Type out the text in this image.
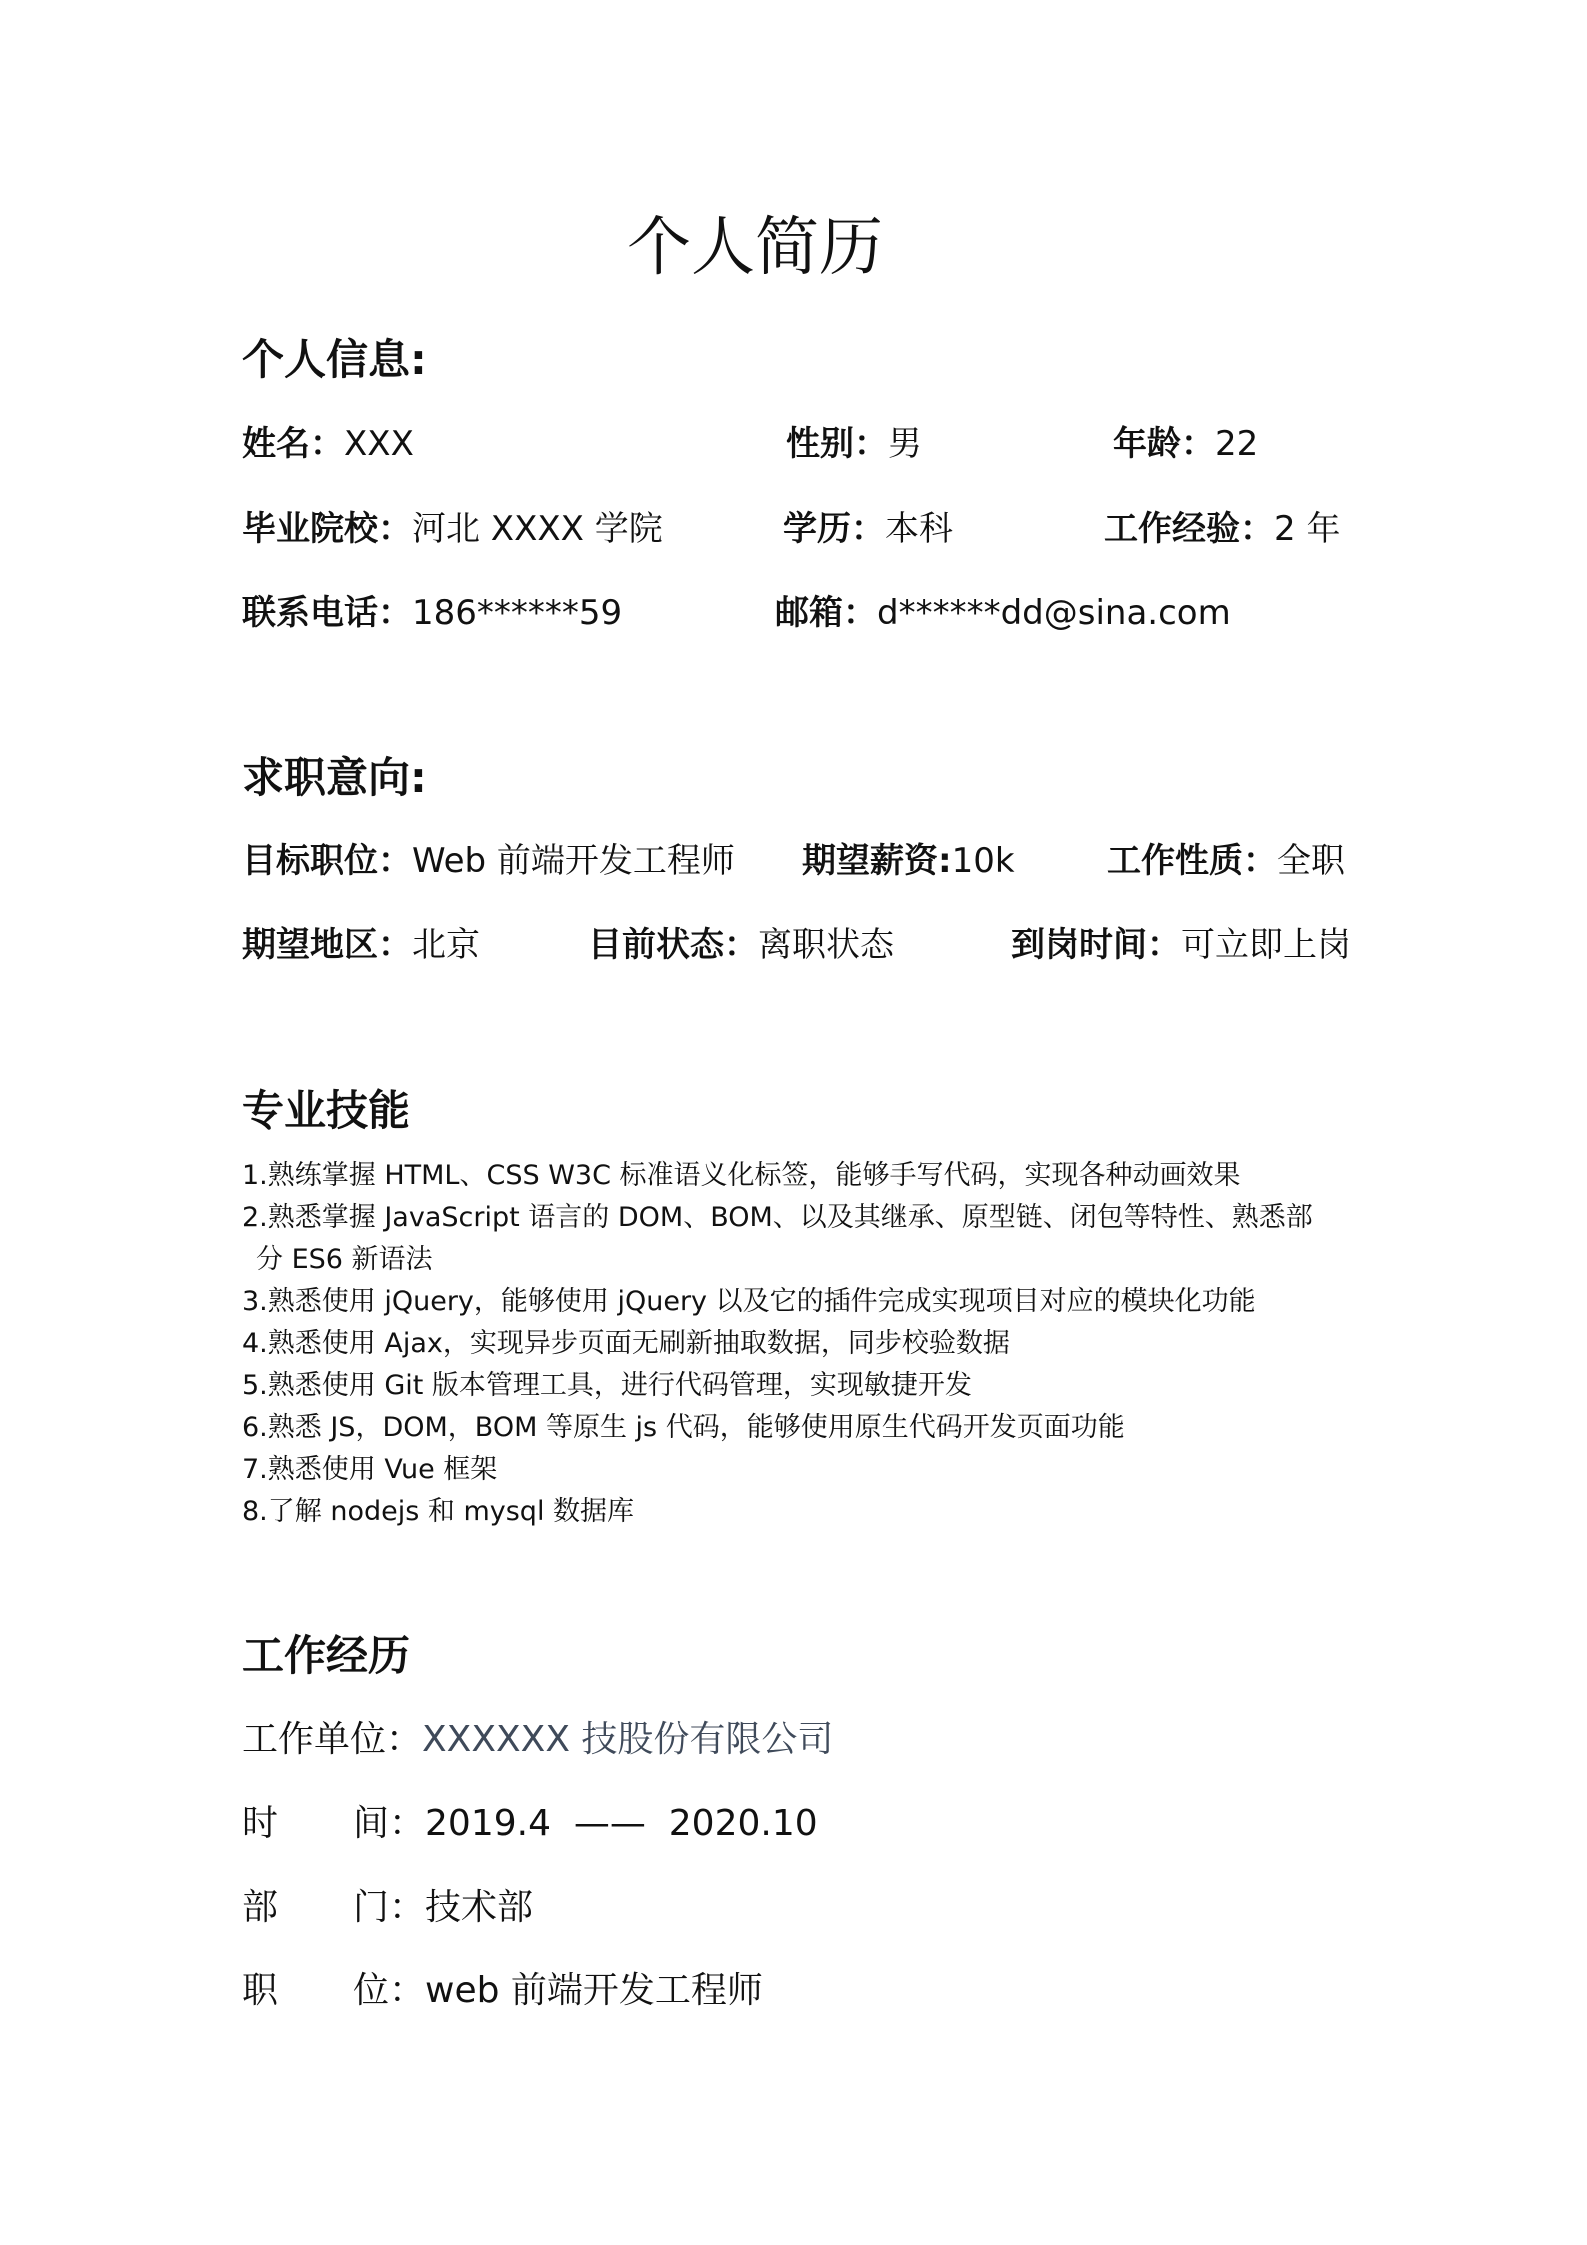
个人简历
个人信息:
姓名：XXX	性别：男	年龄：22
毕业院校：河北 XXXX 学院	学历：本科	工作经验：2 年
联系电话：186******59	邮箱：d******dd@sina.com
求职意向:
目标职位：Web 前端开发工程师 期望薪资:10k	工作性质：全职
期望地区：北京	目前状态：离职状态	到岗时间：可立即上岗
专业技能
1.熟练掌握 HTML、CSS W3C 标准语义化标签，能够手写代码，实现各种动画效果
2.熟悉掌握 JavaScript 语言的 DOM、BOM、以及其继承、原型链、闭包等特性、熟悉部
分 ES6 新语法
3.熟悉使用 jQuery，能够使用 jQuery 以及它的插件完成实现项目对应的模块化功能
4.熟悉使用 Ajax，实现异步页面无刷新抽取数据，同步校验数据
5.熟悉使用 Git 版本管理工具，进行代码管理，实现敏捷开发
6.熟悉 JS，DOM，BOM 等原生 js 代码，能够使用原生代码开发页面功能
7.熟悉使用 Vue 框架
8.了解 nodejs 和 mysql 数据库
工作经历
工作单位：XXXXXX 技股份有限公司
时 间：2019.4  ——  2020.10
部 门：技术部
职 位：web 前端开发工程师
